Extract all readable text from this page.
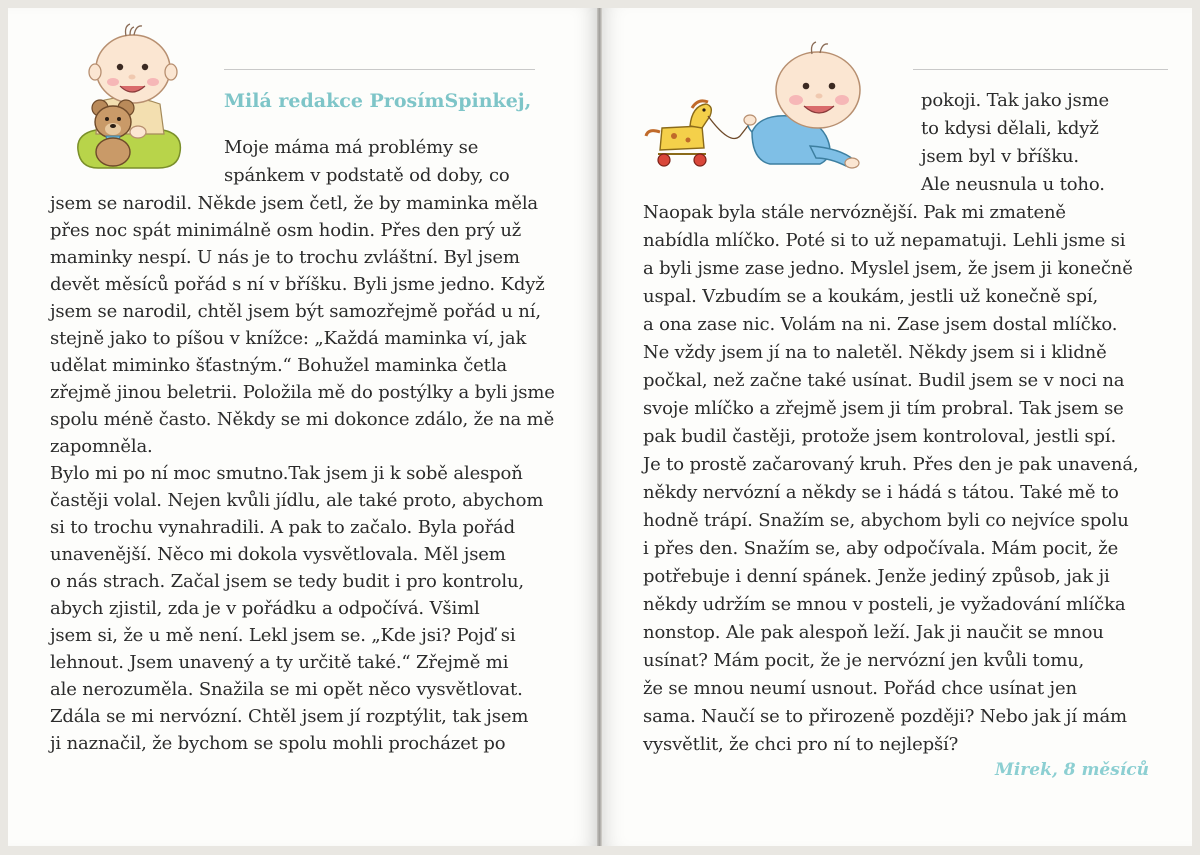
Milá redakce ProsímSpinkej,
Moje máma má problémy se
spánkem v podstatě od doby, co
jsem se narodil. Někde jsem četl, že by maminka měla
přes noc spát minimálně osm hodin. Přes den prý už
maminky nespí. U nás je to trochu zvláštní. Byl jsem
devět měsíců pořád s ní v bříšku. Byli jsme jedno. Když
jsem se narodil, chtěl jsem být samozřejmě pořád u ní,
stejně jako to píšou v knížce: „Každá maminka ví, jak
udělat miminko šťastným.“ Bohužel maminka četla
zřejmě jinou beletrii. Položila mě do postýlky a byli jsme
spolu méně často. Někdy se mi dokonce zdálo, že na mě
zapomněla.
Bylo mi po ní moc smutno.Tak jsem ji k sobě alespoň
častěji volal. Nejen kvůli jídlu, ale také proto, abychom
si to trochu vynahradili. A pak to začalo. Byla pořád
unavenější. Něco mi dokola vysvětlovala. Měl jsem
o nás strach. Začal jsem se tedy budit i pro kontrolu,
abych zjistil, zda je v pořádku a odpočívá. Všiml
jsem si, že u mě není. Lekl jsem se. „Kde jsi? Pojď si
lehnout. Jsem unavený a ty určitě také.“ Zřejmě mi
ale nerozuměla. Snažila se mi opět něco vysvětlovat.
Zdála se mi nervózní. Chtěl jsem jí rozptýlit, tak jsem
ji naznačil, že bychom se spolu mohli procházet po
pokoji. Tak jako jsme
to kdysi dělali, když
jsem byl v bříšku.
Ale neusnula u toho.
Naopak byla stále nervóznější. Pak mi zmateně
nabídla mlíčko. Poté si to už nepamatuji. Lehli jsme si
a byli jsme zase jedno. Myslel jsem, že jsem ji konečně
uspal. Vzbudím se a koukám, jestli už konečně spí,
a ona zase nic. Volám na ni. Zase jsem dostal mlíčko.
Ne vždy jsem jí na to naletěl. Někdy jsem si i klidně
počkal, než začne také usínat. Budil jsem se v noci na
svoje mlíčko a zřejmě jsem ji tím probral. Tak jsem se
pak budil častěji, protože jsem kontroloval, jestli spí.
Je to prostě začarovaný kruh. Přes den je pak unavená,
někdy nervózní a někdy se i hádá s tátou. Také mě to
hodně trápí. Snažím se, abychom byli co nejvíce spolu
i přes den. Snažím se, aby odpočívala. Mám pocit, že
potřebuje i denní spánek. Jenže jediný způsob, jak ji
někdy udržím se mnou v posteli, je vyžadování mlíčka
nonstop. Ale pak alespoň leží. Jak ji naučit se mnou
usínat? Mám pocit, že je nervózní jen kvůli tomu,
že se mnou neumí usnout. Pořád chce usínat jen
sama. Naučí se to přirozeně později? Nebo jak jí mám
vysvětlit, že chci pro ní to nejlepší?
Mirek, 8 měsíců
